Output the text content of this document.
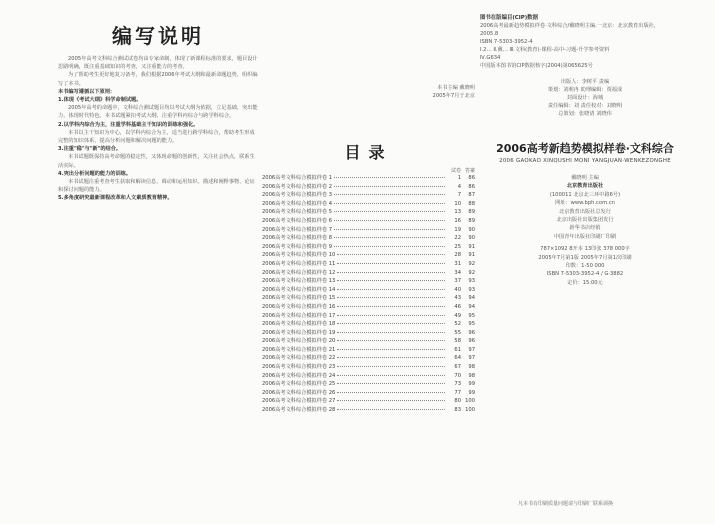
编写说明

2005年高考文科综合测试试卷均由专家命制，体现了新课程标准的要求，题目设计思路明确，既注重基础知识的考查，又注重能力的考查。

为了帮助考生更好地复习备考，我们根据2006年考试大纲和最新命题趋势，组织编写了本书。

本书编写遵循以下原则：

1.体现《考试大纲》科学命制试题。

2005年高考的命题中，文科综合测试题目均以考试大纲为依据，立足基础，突出能力，体现时代特色。本书试题紧扣考试大纲，注重学科内综合与跨学科综合。

2.以学科内综合为主，注重学科基础主干知识的训练和强化。

本书以主干知识为中心，以学科内综合为主，适当进行跨学科综合，帮助考生形成完整的知识体系，提高分析问题和解决问题的能力。

3.注重"稳"与"新"的结合。

本书试题既保持高考命题的稳定性，又体现命题的创新性，关注社会热点，联系生活实际。

4.突出分析问题的能力的训练。

本书试题注重考查考生获取和解读信息、调动和运用知识、描述和阐释事物、论证和探讨问题的能力。

5.多角度研究最新课程改革和人文素质教育精神。

本书主编 戴晓明
2005年7月于北京
目录
试卷 答案
2006高考文科综合模拟样卷 1	1	86
2006高考文科综合模拟样卷 2	4	86
2006高考文科综合模拟样卷 3	7	87
2006高考文科综合模拟样卷 4	10	88
2006高考文科综合模拟样卷 5	13	89
2006高考文科综合模拟样卷 6	16	89
2006高考文科综合模拟样卷 7	19	90
2006高考文科综合模拟样卷 8	22	90
2006高考文科综合模拟样卷 9	25	91
2006高考文科综合模拟样卷 10	28	91
2006高考文科综合模拟样卷 11	31	92
2006高考文科综合模拟样卷 12	34	92
2006高考文科综合模拟样卷 13	37	93
2006高考文科综合模拟样卷 14	40	93
2006高考文科综合模拟样卷 15	43	94
2006高考文科综合模拟样卷 16	46	94
2006高考文科综合模拟样卷 17	49	95
2006高考文科综合模拟样卷 18	52	95
2006高考文科综合模拟样卷 19	55	96
2006高考文科综合模拟样卷 20	58	96
2006高考文科综合模拟样卷 21	61	97
2006高考文科综合模拟样卷 22	64	97
2006高考文科综合模拟样卷 23	67	98
2006高考文科综合模拟样卷 24	70	98
2006高考文科综合模拟样卷 25	73	99
2006高考文科综合模拟样卷 26	77	99
2006高考文科综合模拟样卷 27	80 100
2006高考文科综合模拟样卷 28	83 100
图书在版编目(CIP)数据
2006高考最新趋势模拟样卷·文科综合/戴晓明主编.一北京：北京教育出版社，
2005.8
ISBN 7-5303-3952-4
Ⅰ.2… Ⅱ.戴… Ⅲ.文科(教育)-课程-高中-习题-升学参考资料
Ⅳ.G634
中国版本图书馆CIP数据核字(2004)第065625号
出版人：李树平 责编
策划：刘莉冉 助理编辑：贾福成
封面设计：海城
责任编辑：刘 责任校对：刘晓明
总策划：张晓清 刘晓伟
2006高考新趋势模拟样卷·文科综合
2006 GAOKAO XINQUSHI MONI YANGJUAN·WENKEZONGHE
戴晓明 主编
北京教育出版社
(100011 北京北三环中路6号)
网址：www.bph.com.cn
北京教育出版社总发行
北京出版社出版集团发行
新华书店经销
中国青年出版社印刷厂印刷
787×1092 8开本 13印张 378 000字
2005年7月第1版 2005年7月第1次印刷
印数：1-50 000
ISBN 7-5303-3952-4 / G·3882
定价：15.00元
凡本书有印刷质量问题请与印刷厂联系调换
